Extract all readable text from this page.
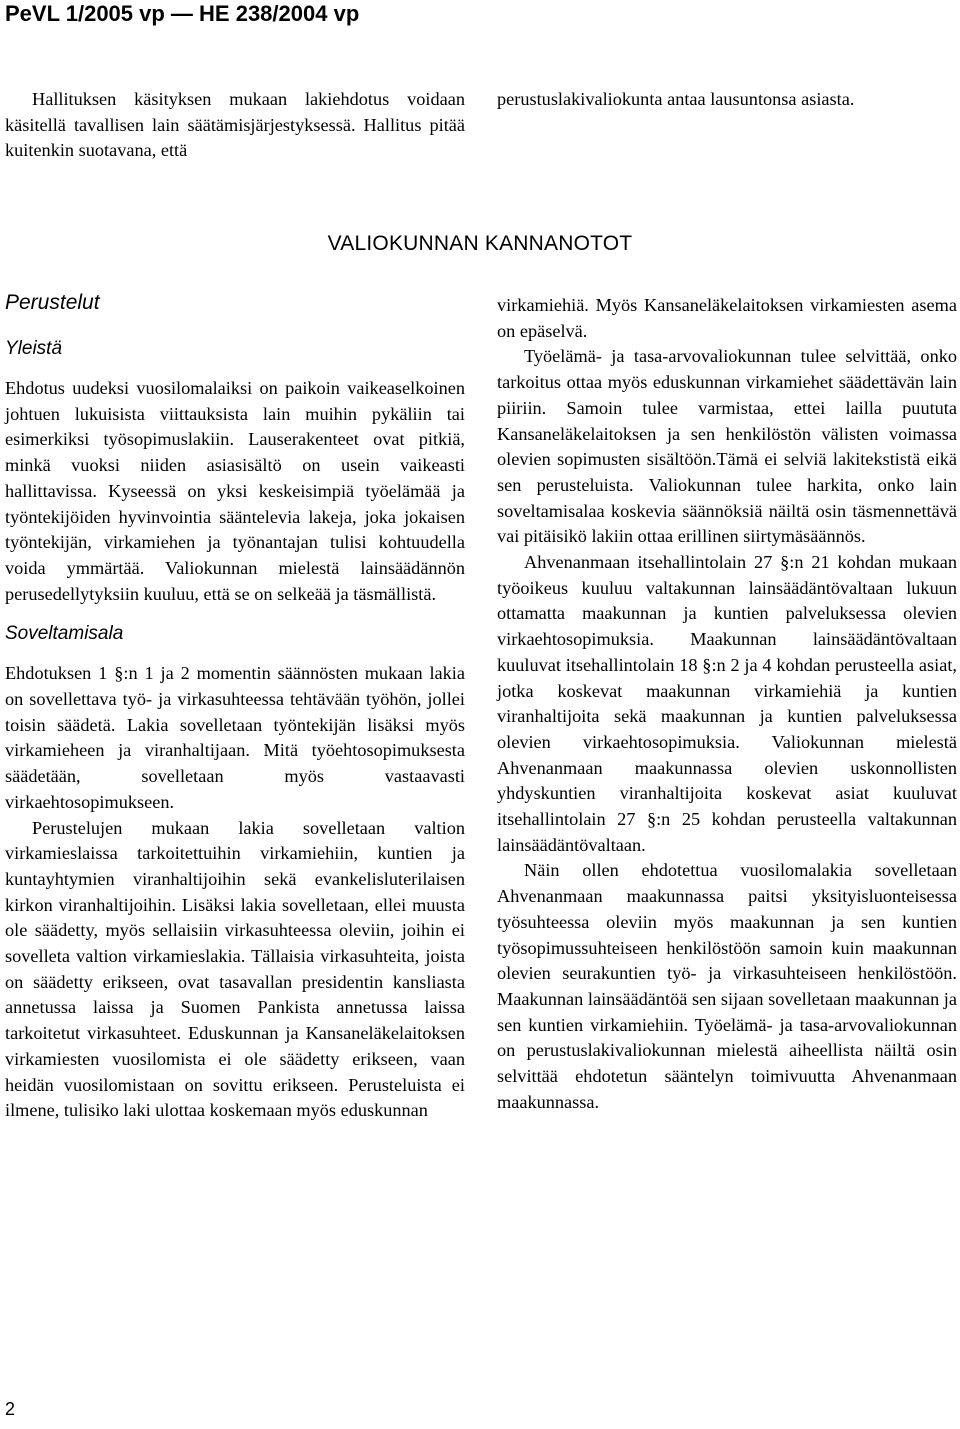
PeVL 1/2005 vp — HE 238/2004 vp

Hallituksen käsityksen mukaan lakiehdotus voidaan käsitellä tavallisen lain säätämisjärjestyksessä. Hallitus pitää kuitenkin suotavana, että

perustuslakivaliokunta antaa lausuntonsa asiasta.

VALIOKUNNAN KANNANOTOT
Perustelut
Yleistä

Ehdotus uudeksi vuosilomalaiksi on paikoin vaikeaselkoinen johtuen lukuisista viittauksista lain muihin pykäliin tai esimerkiksi työsopimuslakiin. Lauserakenteet ovat pitkiä, minkä vuoksi niiden asiasisältö on usein vaikeasti hallittavissa. Kyseessä on yksi keskeisimpiä työelämää ja työntekijöiden hyvinvointia sääntelevia lakeja, joka jokaisen työntekijän, virkamiehen ja työnantajan tulisi kohtuudella voida ymmärtää. Valiokunnan mielestä lainsäädännön perusedellytyksiin kuuluu, että se on selkeää ja täsmällistä.

Soveltamisala

Ehdotuksen 1 §:n 1 ja 2 momentin säännösten mukaan lakia on sovellettava työ- ja virkasuhteessa tehtävään työhön, jollei toisin säädetä. Lakia sovelletaan työntekijän lisäksi myös virkamieheen ja viranhaltijaan. Mitä työehtosopimuksesta säädetään, sovelletaan myös vastaavasti virkaehtosopimukseen.

Perustelujen mukaan lakia sovelletaan valtion virkamieslaissa tarkoitettuihin virkamiehiin, kuntien ja kuntayhtymien viranhaltijoihin sekä evankelisluterilaisen kirkon viranhaltijoihin. Lisäksi lakia sovelletaan, ellei muusta ole säädetty, myös sellaisiin virkasuhteessa oleviin, joihin ei sovelleta valtion virkamieslakia. Tällaisia virkasuhteita, joista on säädetty erikseen, ovat tasavallan presidentin kansliasta annetussa laissa ja Suomen Pankista annetussa laissa tarkoitetut virkasuhteet. Eduskunnan ja Kansaneläkelaitoksen virkamiesten vuosilomista ei ole säädetty erikseen, vaan heidän vuosilomistaan on sovittu erikseen. Perusteluista ei ilmene, tulisiko laki ulottaa koskemaan myös eduskunnan

virkamiehiä. Myös Kansaneläkelaitoksen virkamiesten asema on epäselvä.

Työelämä- ja tasa-arvovaliokunnan tulee selvittää, onko tarkoitus ottaa myös eduskunnan virkamiehet säädettävän lain piiriin. Samoin tulee varmistaa, ettei lailla puututa Kansaneläkelaitoksen ja sen henkilöstön välisten voimassa olevien sopimusten sisältöön.Tämä ei selviä lakitekstistä eikä sen perusteluista. Valiokunnan tulee harkita, onko lain soveltamisalaa koskevia säännöksiä näiltä osin täsmennettävä vai pitäisikö lakiin ottaa erillinen siirtymäsäännös.

Ahvenanmaan itsehallintolain 27 §:n 21 kohdan mukaan työoikeus kuuluu valtakunnan lainsäädäntövaltaan lukuun ottamatta maakunnan ja kuntien palveluksessa olevien virkaehtosopimuksia. Maakunnan lainsäädäntövaltaan kuuluvat itsehallintolain 18 §:n 2 ja 4 kohdan perusteella asiat, jotka koskevat maakunnan virkamiehiä ja kuntien viranhaltijoita sekä maakunnan ja kuntien palveluksessa olevien virkaehtosopimuksia. Valiokunnan mielestä Ahvenanmaan maakunnassa olevien uskonnollisten yhdyskuntien viranhaltijoita koskevat asiat kuuluvat itsehallintolain 27 §:n 25 kohdan perusteella valtakunnan lainsäädäntövaltaan.

Näin ollen ehdotettua vuosilomalakia sovelletaan Ahvenanmaan maakunnassa paitsi yksityisluonteisessa työsuhteessa oleviin myös maakunnan ja sen kuntien työsopimussuhteiseen henkilöstöön samoin kuin maakunnan olevien seurakuntien työ- ja virkasuhteiseen henkilöstöön. Maakunnan lainsäädäntöä sen sijaan sovelletaan maakunnan ja sen kuntien virkamiehiin. Työelämä- ja tasa-arvovaliokunnan on perustuslakivaliokunnan mielestä aiheellista näiltä osin selvittää ehdotetun sääntelyn toimivuutta Ahvenanmaan maakunnassa.

2
